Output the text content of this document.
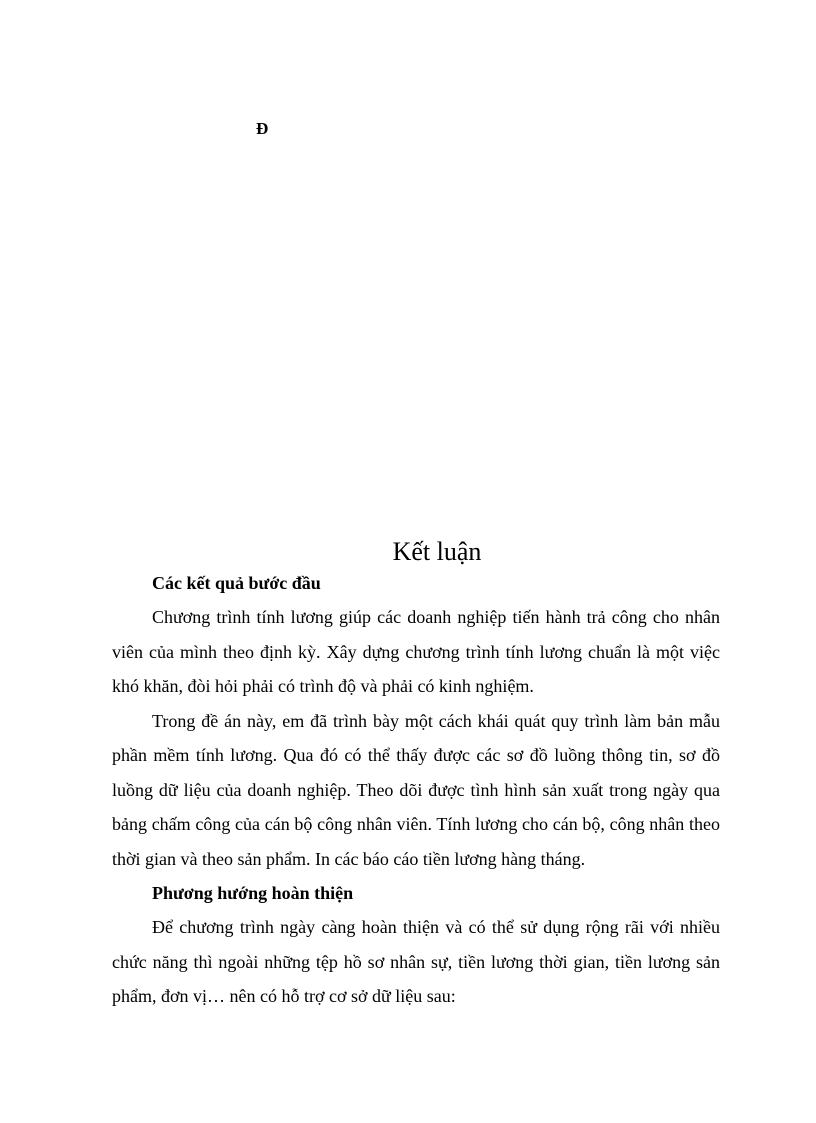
Đ
Kết luận

Các kết quả bước đầu

Chương trình tính lương giúp các doanh nghiệp tiến hành trả công cho nhân viên của mình theo định kỳ. Xây dựng chương trình tính lương chuẩn là một việc khó khăn, đòi hỏi phải có trình độ và phải có kinh nghiệm.

Trong đề án này, em đã trình bày một cách khái quát quy trình làm bản mẫu phần mềm tính lương. Qua đó có thể thấy được các sơ đồ luồng thông tin, sơ đồ luồng dữ liệu của doanh nghiệp. Theo dõi được tình hình sản xuất trong ngày qua bảng chấm công của cán bộ công nhân viên. Tính lương cho cán bộ, công nhân theo thời gian và theo sản phẩm. In các báo cáo tiền lương hàng tháng.

Phương hướng hoàn thiện

Để chương trình ngày càng hoàn thiện và có thể sử dụng rộng rãi với nhiều chức năng thì ngoài những tệp hồ sơ nhân sự, tiền lương thời gian, tiền lương sản phẩm, đơn vị… nên có hỗ trợ cơ sở dữ liệu sau:
